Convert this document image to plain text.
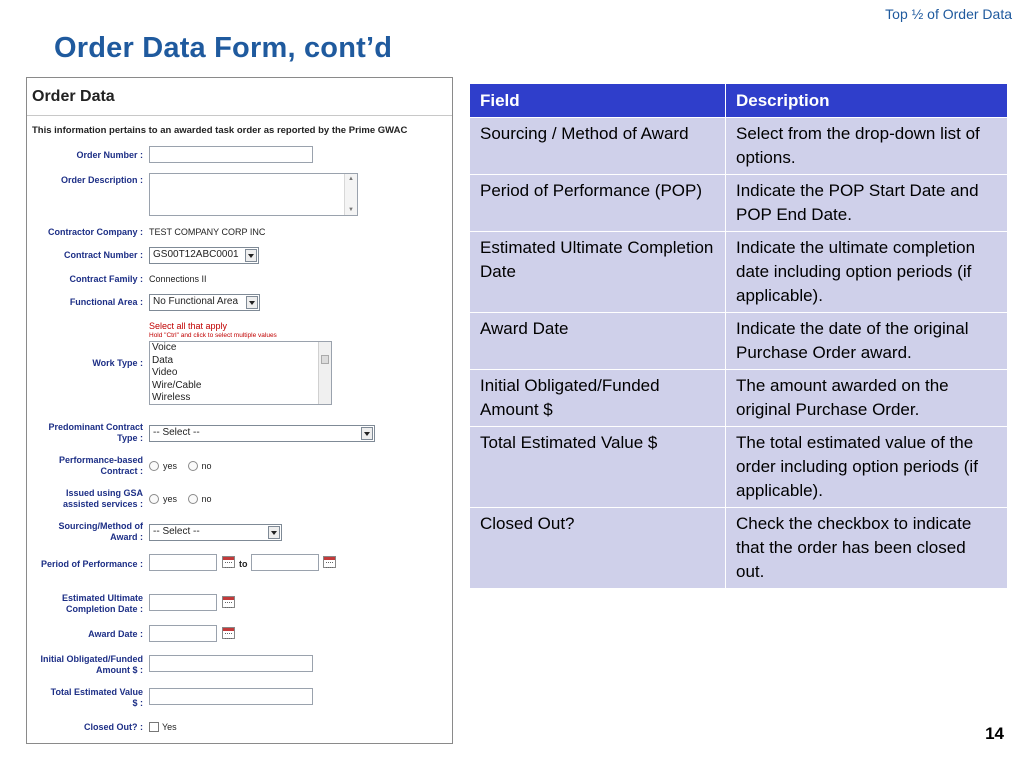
Top ½ of Order Data
Order Data Form, cont’d
Order Data
This information pertains to an awarded task order as reported by the Prime GWAC
Order Number :
Order Description :	▲
▼
Contractor Company : TEST COMPANY CORP INC
Contract Number :	GS00T12ABC0001
Contract Family : Connections II
Functional Area :	No Functional Area
Select all that apply
Hold "Ctrl" and click to select multiple values
Work Type :
Voice
Data
Video
Wire/Cable
Wireless
Predominant Contract
Type :	-- Select --
Performance-based
Contract :	yes	no
Issued using GSA
assisted services :	yes	no
Sourcing/Method of
Award :	-- Select --
Period of Performance :	to
Estimated Ultimate
Completion Date :
Award Date :
Initial Obligated/Funded
Amount $ :
Total Estimated Value
$ :
Closed Out? :	Yes
Field	Description
Sourcing / Method of Award	Select from the drop-down list of options.
Period of Performance (POP)	Indicate the POP Start Date and POP End Date.
Estimated Ultimate Completion Date	Indicate the ultimate completion date including option periods (if applicable).
Award Date	Indicate the date of the original Purchase Order award.
Initial Obligated/Funded Amount $	The amount awarded on the original Purchase Order.
Total Estimated Value $	The total estimated value of the order including option periods (if applicable).
Closed Out?	Check the checkbox to indicate that the order has been closed out.
14
